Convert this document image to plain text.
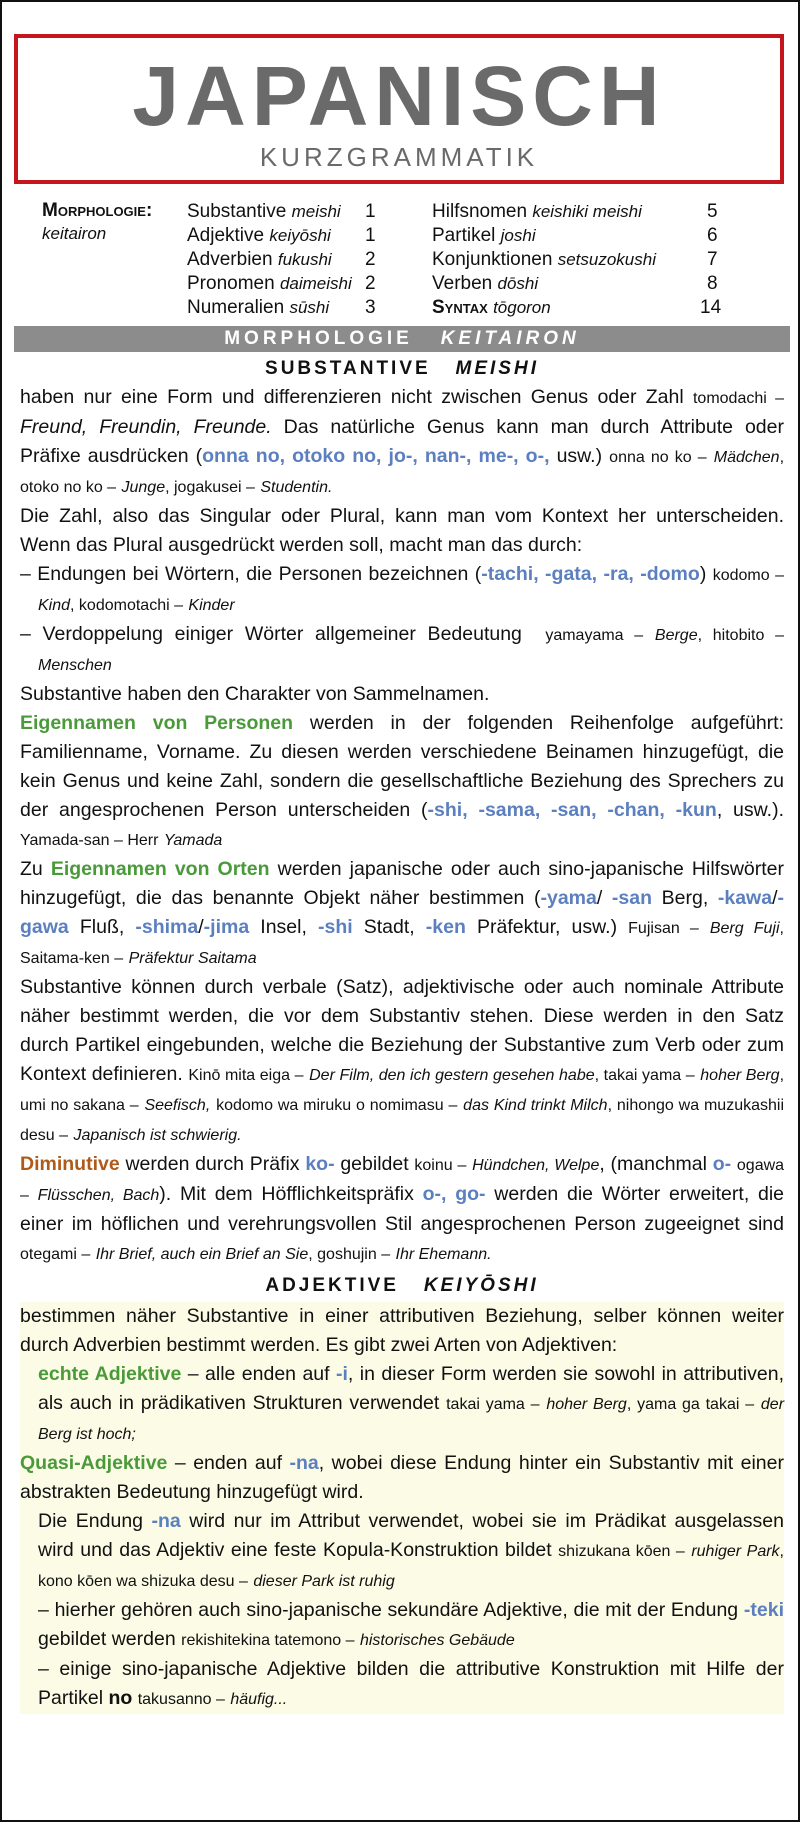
JAPANISCH
KURZGRAMMATIK
Morphologie:
keitairon
Substantive meishi 1
Adjektive keiyōshi 1
Adverbien fukushi 2
Pronomen daimeishi 2
Numeralien sūshi 3
Hilfsnomen keishiki meishi	5
Partikel joshi	6
Konjunktionen setsuzokushi	7
Verben dōshi	8
Syntax tōgoron	14
MORPHOLOGIE KEITAIRON
SUBSTANTIVE MEISHI

haben nur eine Form und differenzieren nicht zwischen Genus oder Zahl tomodachi – Freund, Freundin, Freunde. Das natürliche Genus kann man durch Attribute oder Präfixe ausdrücken (onna no, otoko no, jo-, nan-, me-, o-, usw.) onna no ko – Mädchen, otoko no ko – Junge, jogakusei – Studentin.

Die Zahl, also das Singular oder Plural, kann man vom Kontext her unterscheiden. Wenn das Plural ausgedrückt werden soll, macht man das durch:

– Endungen bei Wörtern, die Personen bezeichnen (-tachi, -gata, -ra, -domo) kodomo – Kind, kodomotachi – Kinder

– Verdoppelung einiger Wörter allgemeiner Bedeutung yamayama – Berge, hitobito – Menschen

Substantive haben den Charakter von Sammelnamen.

Eigennamen von Personen werden in der folgenden Reihenfolge aufgeführt: Familienname, Vorname. Zu diesen werden verschiedene Beinamen hinzugefügt, die kein Genus und keine Zahl, sondern die gesellschaftliche Beziehung des Sprechers zu der angesprochenen Person unterscheiden (-shi, -sama, -san, -chan, -kun, usw.). Yamada-san – Herr Yamada

Zu Eigennamen von Orten werden japanische oder auch sino-japanische Hilfswörter hinzugefügt, die das benannte Objekt näher bestimmen (-yama/ -san Berg, -kawa/-gawa Fluß, -shima/-jima Insel, -shi Stadt, -ken Präfektur, usw.) Fujisan – Berg Fuji, Saitama-ken – Präfektur Saitama

Substantive können durch verbale (Satz), adjektivische oder auch nominale Attribute näher bestimmt werden, die vor dem Substantiv stehen. Diese werden in den Satz durch Partikel eingebunden, welche die Beziehung der Substantive zum Verb oder zum Kontext definieren. Kinō mita eiga – Der Film, den ich gestern gesehen habe, takai yama – hoher Berg, umi no sakana – Seefisch, kodomo wa miruku o nomimasu – das Kind trinkt Milch, nihongo wa muzukashii desu – Japanisch ist schwierig.

Diminutive werden durch Präfix ko- gebildet koinu – Hündchen, Welpe, (manchmal o- ogawa – Flüsschen, Bach). Mit dem Höfflichkeitspräfix o-, go- werden die Wörter erweitert, die einer im höflichen und verehrungsvollen Stil angesprochenen Person zugeeignet sind otegami – Ihr Brief, auch ein Brief an Sie, goshujin – Ihr Ehemann.

ADJEKTIVE KEIYŌSHI

bestimmen näher Substantive in einer attributiven Beziehung, selber können weiter durch Adverbien bestimmt werden. Es gibt zwei Arten von Adjektiven:

echte Adjektive – alle enden auf -i, in dieser Form werden sie sowohl in attributiven, als auch in prädikativen Strukturen verwendet takai yama – hoher Berg, yama ga takai – der Berg ist hoch;

Quasi-Adjektive – enden auf -na, wobei diese Endung hinter ein Substantiv mit einer abstrakten Bedeutung hinzugefügt wird.

Die Endung -na wird nur im Attribut verwendet, wobei sie im Prädikat ausgelassen wird und das Adjektiv eine feste Kopula-Konstruktion bildet shizukana kōen – ruhiger Park, kono kōen wa shizuka desu – dieser Park ist ruhig

– hierher gehören auch sino-japanische sekundäre Adjektive, die mit der Endung -teki gebildet werden rekishitekina tatemono – historisches Gebäude

– einige sino-japanische Adjektive bilden die attributive Konstruktion mit Hilfe der Partikel no takusanno – häufig...
